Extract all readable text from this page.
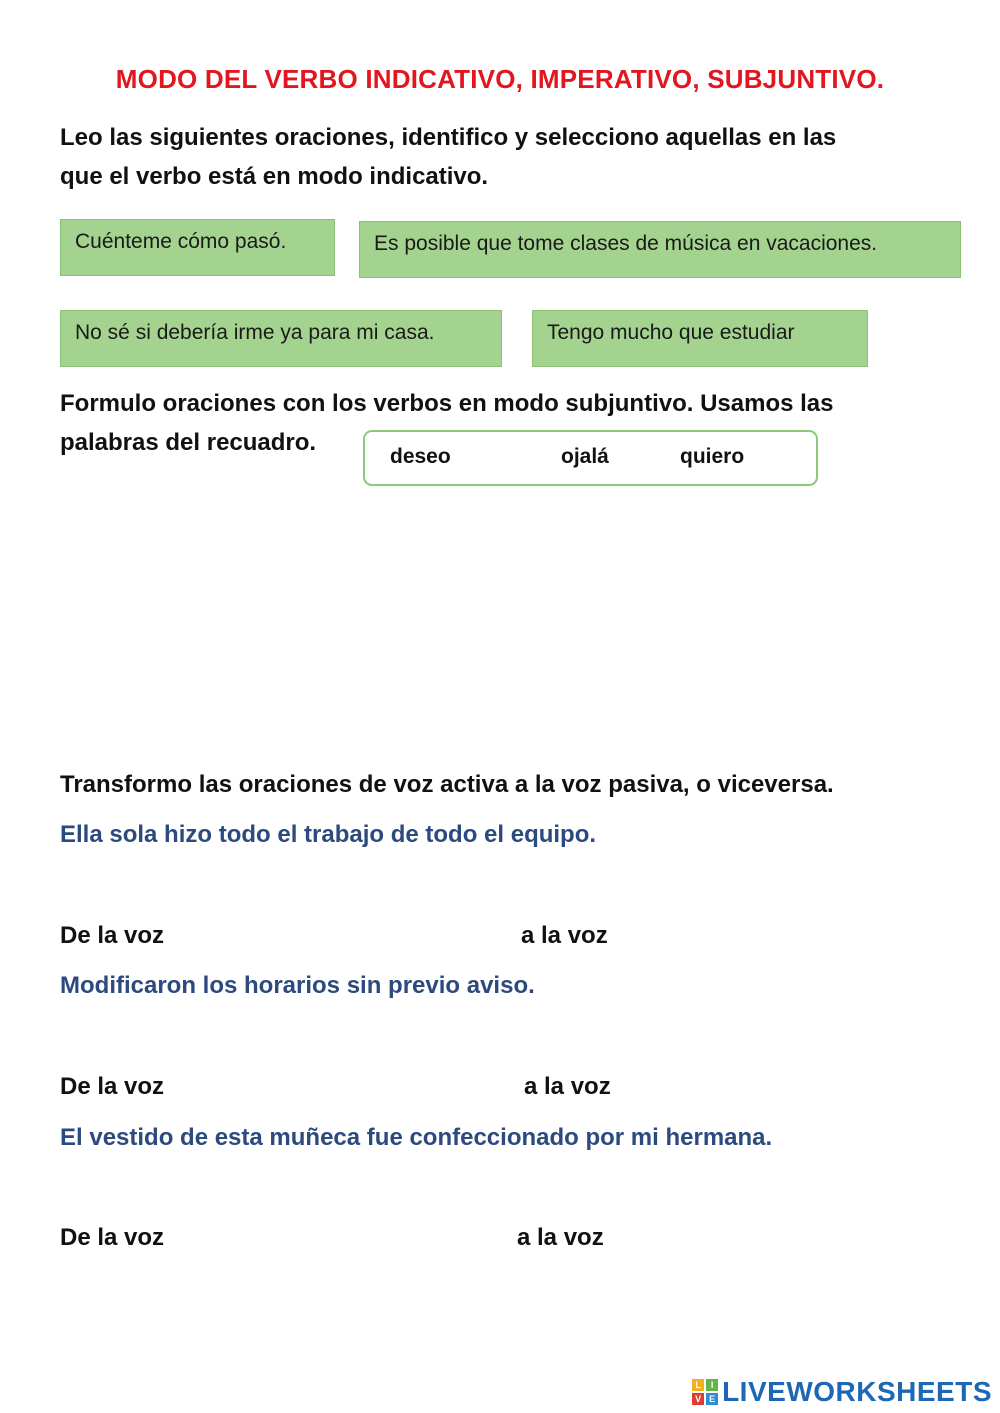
MODO DEL VERBO INDICATIVO, IMPERATIVO, SUBJUNTIVO.
Leo las siguientes oraciones, identifico y selecciono aquellas en las
que el verbo está en modo indicativo.
Cuénteme cómo pasó.	Es posible que tome clases de música en vacaciones.
No sé si debería irme ya para mi casa.	Tengo mucho que estudiar
Formulo oraciones con los verbos en modo subjuntivo. Usamos las
palabras del recuadro.
deseo	ojalá	quiero
Transformo las oraciones de voz activa a la voz pasiva, o viceversa.
Ella sola hizo todo el trabajo de todo el equipo.
De la voz	a la voz
Modificaron los horarios sin previo aviso.
De la voz	a la voz
El vestido de esta muñeca fue confeccionado por mi hermana.
De la voz	a la voz
L	I
V E LIVEWORKSHEETS
